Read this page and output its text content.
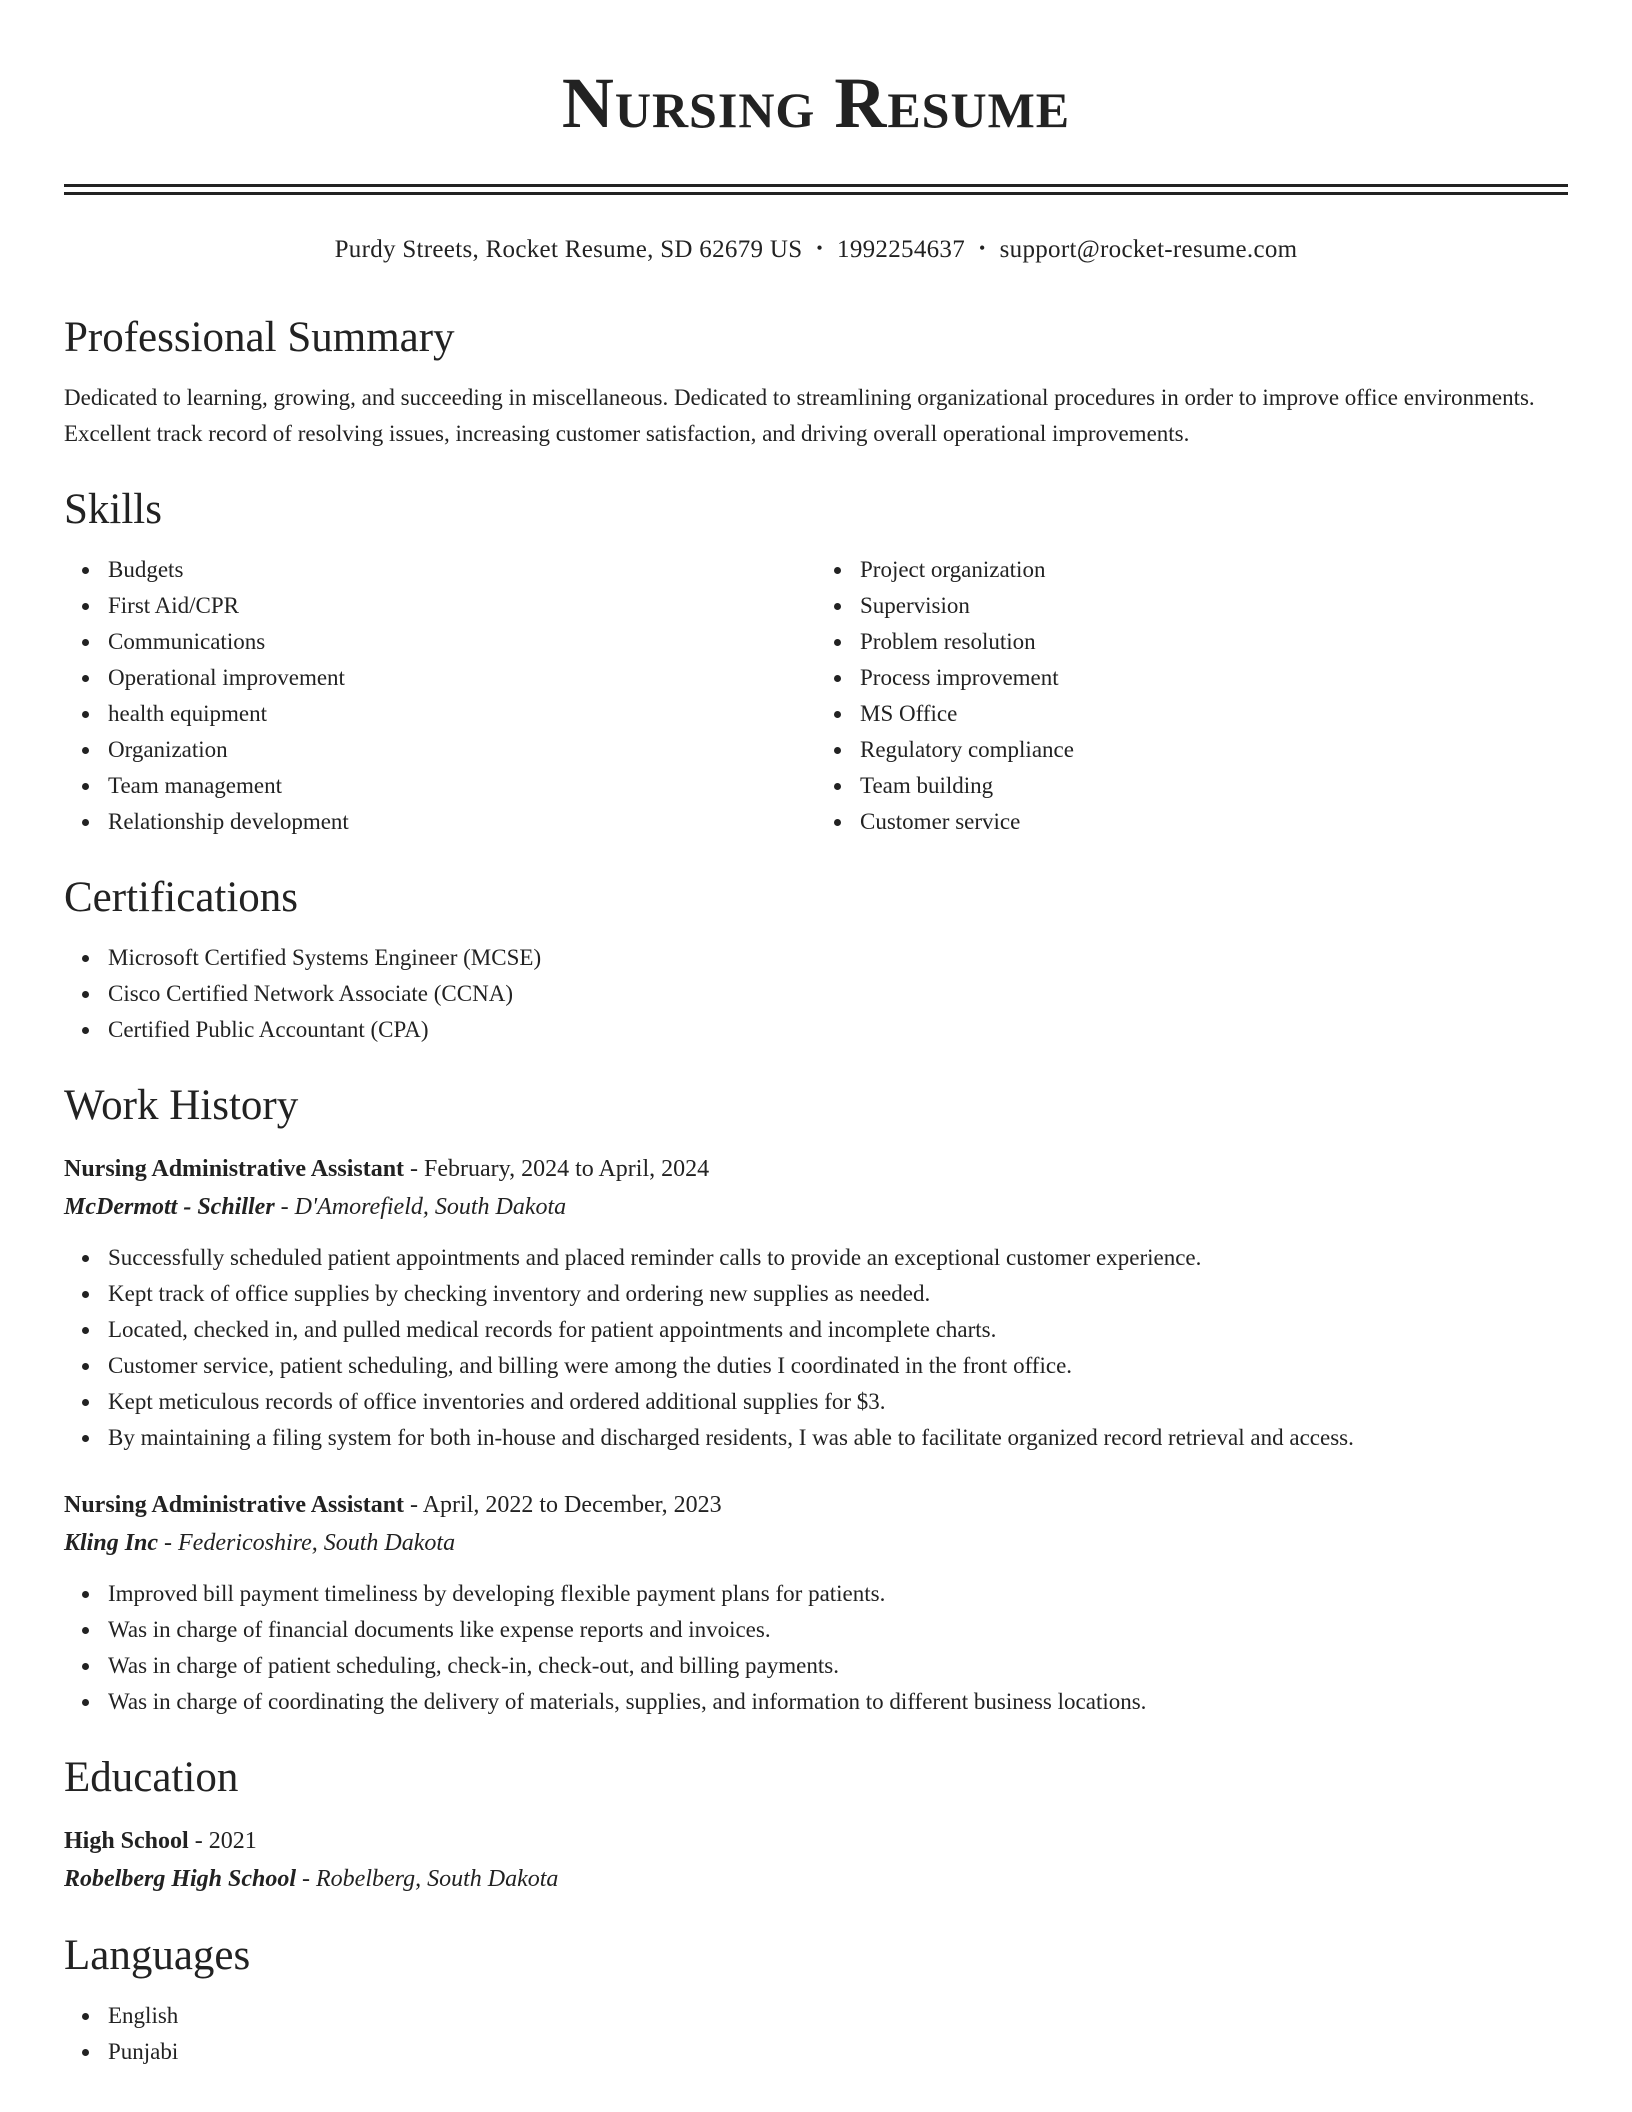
Nursing Resume
Purdy Streets, Rocket Resume, SD 62679 US • 1992254637 • support@rocket-resume.com
Professional Summary

Dedicated to learning, growing, and succeeding in miscellaneous. Dedicated to streamlining organizational procedures in order to improve office environments. Excellent track record of resolving issues, increasing customer satisfaction, and driving overall operational improvements.

Skills
Budgets
First Aid/CPR
Communications
Operational improvement
health equipment
Organization
Team management
Relationship development
Project organization
Supervision
Problem resolution
Process improvement
MS Office
Regulatory compliance
Team building
Customer service
Certifications
Microsoft Certified Systems Engineer (MCSE)
Cisco Certified Network Associate (CCNA)
Certified Public Accountant (CPA)
Work History
Nursing Administrative Assistant - February, 2024 to April, 2024
McDermott - Schiller - D'Amorefield, South Dakota
Successfully scheduled patient appointments and placed reminder calls to provide an exceptional customer experience.
Kept track of office supplies by checking inventory and ordering new supplies as needed.
Located, checked in, and pulled medical records for patient appointments and incomplete charts.
Customer service, patient scheduling, and billing were among the duties I coordinated in the front office.
Kept meticulous records of office inventories and ordered additional supplies for $3.
By maintaining a filing system for both in-house and discharged residents, I was able to facilitate organized record retrieval and access.
Nursing Administrative Assistant - April, 2022 to December, 2023
Kling Inc - Federicoshire, South Dakota
Improved bill payment timeliness by developing flexible payment plans for patients.
Was in charge of financial documents like expense reports and invoices.
Was in charge of patient scheduling, check-in, check-out, and billing payments.
Was in charge of coordinating the delivery of materials, supplies, and information to different business locations.
Education
High School - 2021
Robelberg High School - Robelberg, South Dakota
Languages
English
Punjabi
